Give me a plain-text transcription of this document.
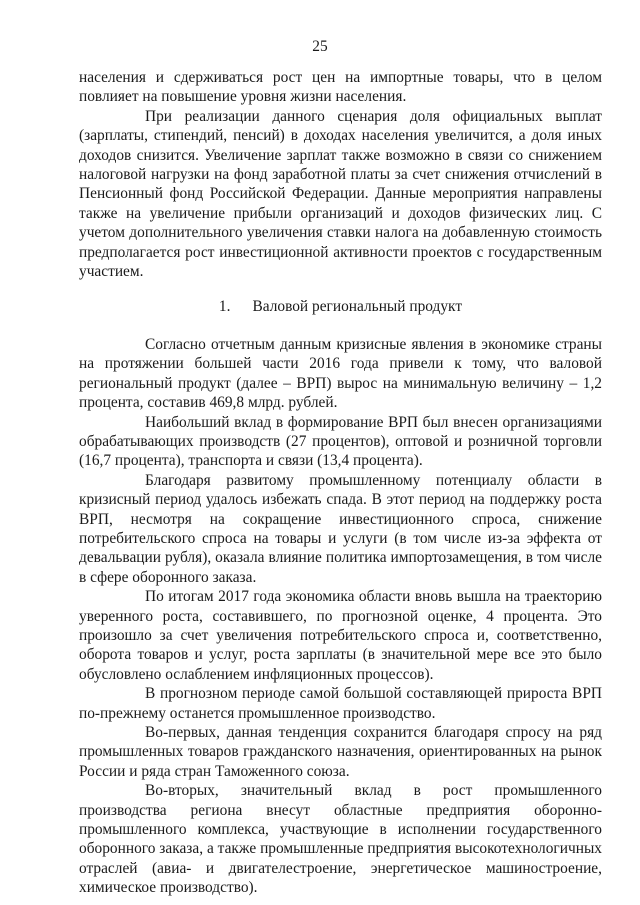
25

населения и сдерживаться рост цен на импортные товары, что в целом повлияет на повышение уровня жизни населения.

При реализации данного сценария доля официальных выплат (зарплаты, стипендий, пенсий) в доходах населения увеличится, а доля иных доходов снизится. Увеличение зарплат также возможно в связи со снижением налоговой нагрузки на фонд заработной платы за счет снижения отчислений в Пенсионный фонд Российской Федерации. Данные мероприятия направлены также на увеличение прибыли организаций и доходов физических лиц. С учетом дополнительного увеличения ставки налога на добавленную стоимость предполагается рост инвестиционной активности проектов с государственным участием.

1. Валовой региональный продукт

Согласно отчетным данным кризисные явления в экономике страны на протяжении большей части 2016 года привели к тому, что валовой региональный продукт (далее – ВРП) вырос на минимальную величину – 1,2 процента, составив 469,8 млрд. рублей.

Наибольший вклад в формирование ВРП был внесен организациями обрабатывающих производств (27 процентов), оптовой и розничной торговли (16,7 процента), транспорта и связи (13,4 процента).

Благодаря развитому промышленному потенциалу области в кризисный период удалось избежать спада. В этот период на поддержку роста ВРП, несмотря на сокращение инвестиционного спроса, снижение потребительского спроса на товары и услуги (в том числе из-за эффекта от девальвации рубля), оказала влияние политика импортозамещения, в том числе в сфере оборонного заказа.

По итогам 2017 года экономика области вновь вышла на траекторию уверенного роста, составившего, по прогнозной оценке, 4 процента. Это произошло за счет увеличения потребительского спроса и, соответственно, оборота товаров и услуг, роста зарплаты (в значительной мере все это было обусловлено ослаблением инфляционных процессов).

В прогнозном периоде самой большой составляющей прироста ВРП по-прежнему останется промышленное производство.

Во-первых, данная тенденция сохранится благодаря спросу на ряд промышленных товаров гражданского назначения, ориентированных на рынок России и ряда стран Таможенного союза.

Во-вторых, значительный вклад в рост промышленного производства региона внесут областные предприятия оборонно-промышленного комплекса, участвующие в исполнении государственного оборонного заказа, а также промышленные предприятия высокотехнологичных отраслей (авиа- и двигателестроение, энергетическое машиностроение, химическое производство).
